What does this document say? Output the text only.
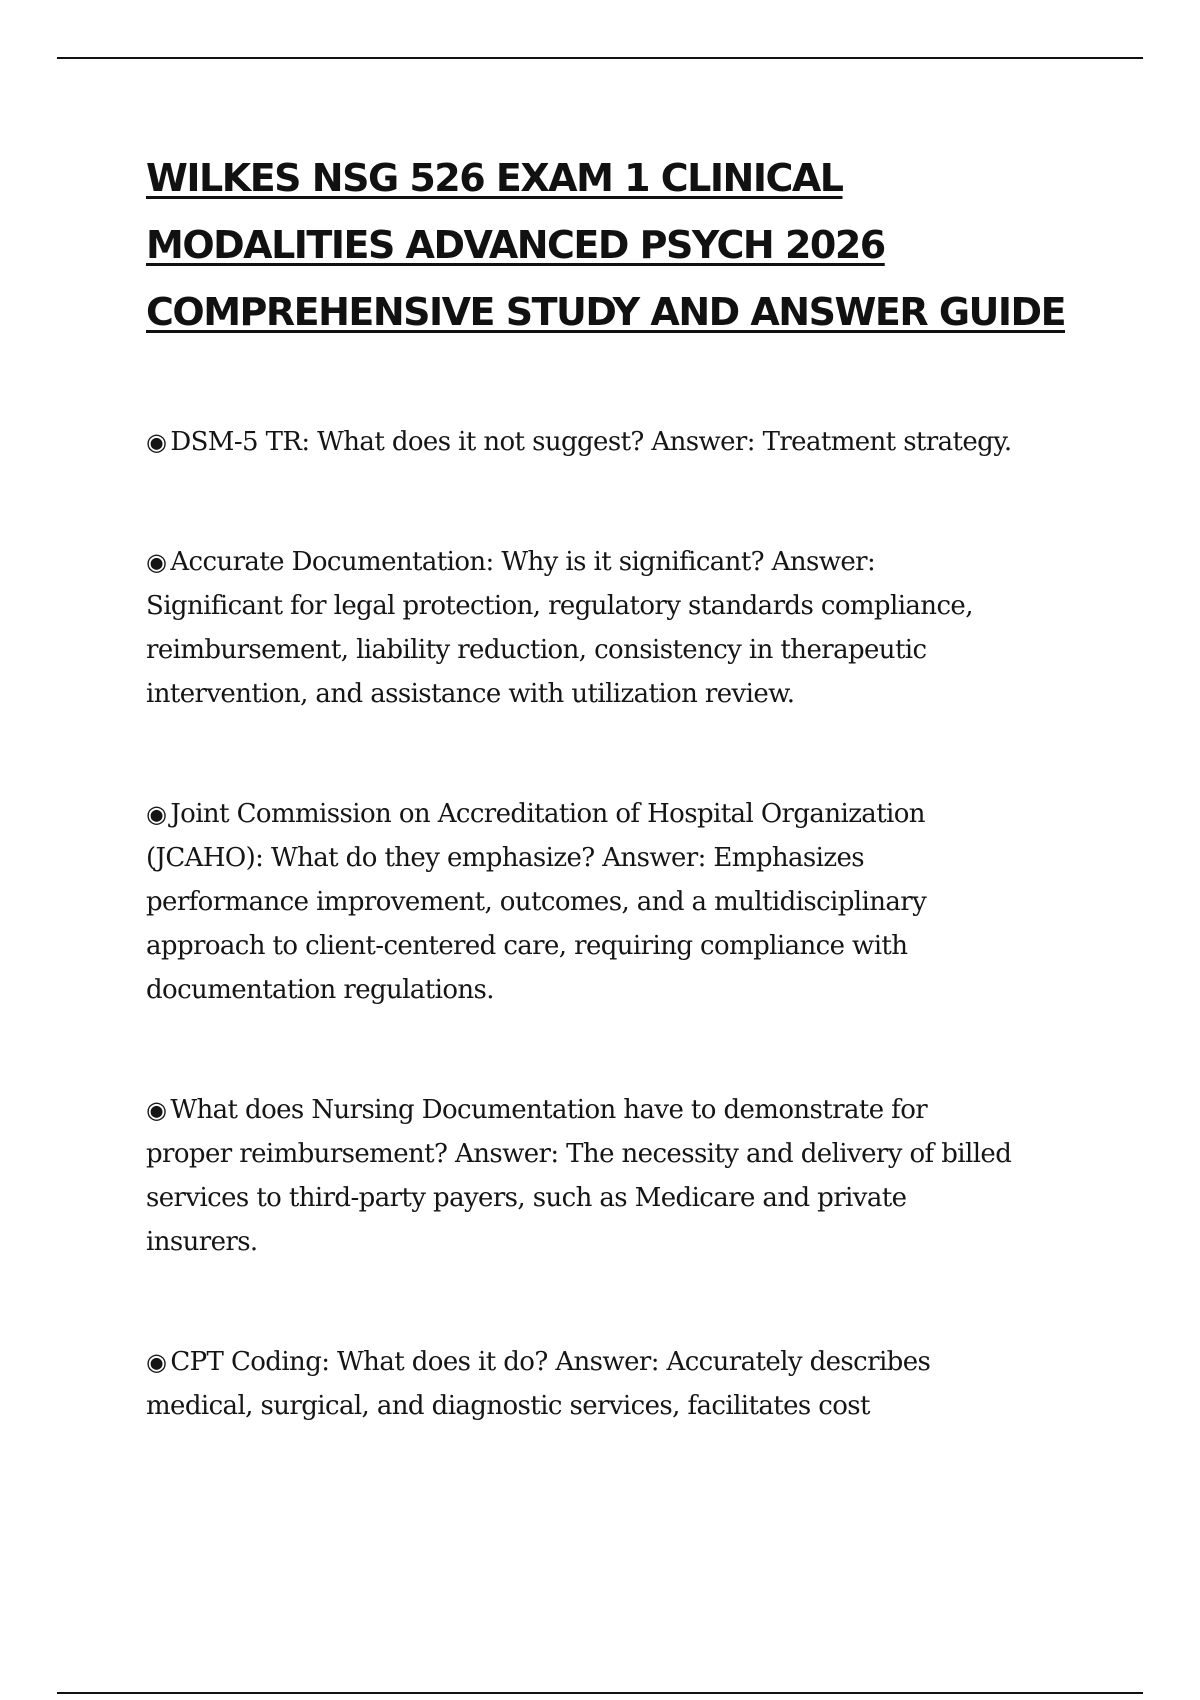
WILKES NSG 526 EXAM 1 CLINICAL
MODALITIES ADVANCED PSYCH 2026
COMPREHENSIVE STUDY AND ANSWER GUIDE

◉ DSM-5 TR: What does it not suggest? Answer: Treatment strategy.

◉ Accurate Documentation: Why is it significant? Answer:
Significant for legal protection, regulatory standards compliance,
reimbursement, liability reduction, consistency in therapeutic
intervention, and assistance with utilization review.

◉ Joint Commission on Accreditation of Hospital Organization
(JCAHO): What do they emphasize? Answer: Emphasizes
performance improvement, outcomes, and a multidisciplinary
approach to client-centered care, requiring compliance with
documentation regulations.

◉ What does Nursing Documentation have to demonstrate for
proper reimbursement? Answer: The necessity and delivery of billed
services to third-party payers, such as Medicare and private
insurers.

◉ CPT Coding: What does it do? Answer: Accurately describes
medical, surgical, and diagnostic services, facilitates cost
